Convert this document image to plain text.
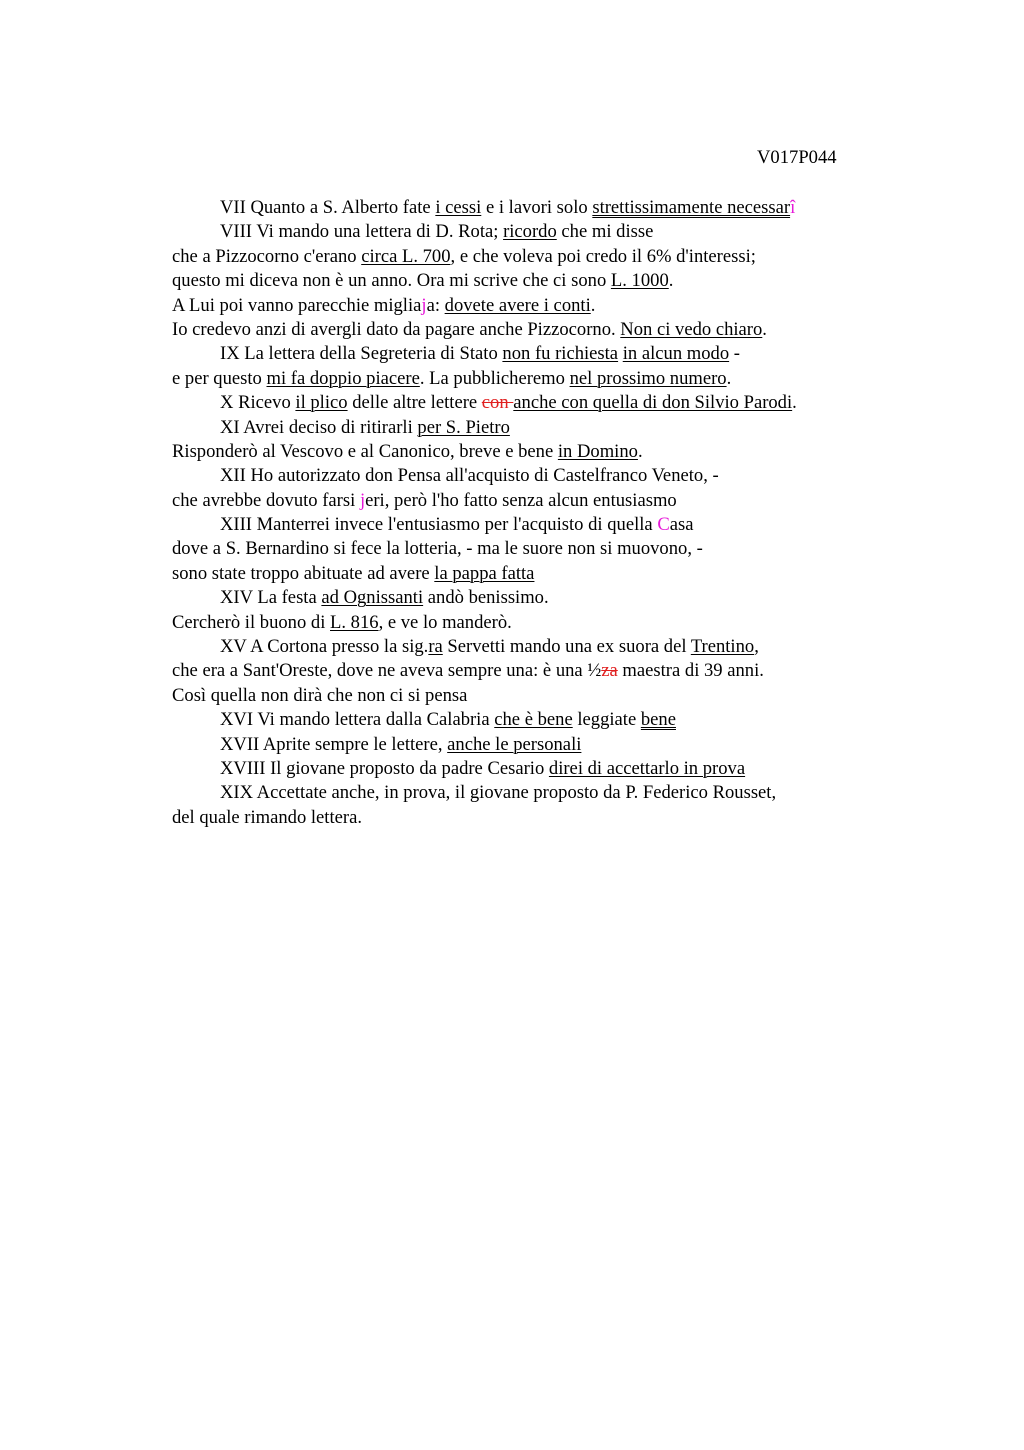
V017P044

VII Quanto a S. Alberto fate i cessi e i lavori solo strettissimamente necessarî

VIII Vi mando una lettera di D. Rota; ricordo che mi disse

che a Pizzocorno c'erano circa L. 700, e che voleva poi credo il 6% d'interessi;

questo mi diceva non è un anno. Ora mi scrive che ci sono L. 1000.

A Lui poi vanno parecchie migliaja: dovete avere i conti.

Io credevo anzi di avergli dato da pagare anche Pizzocorno. Non ci vedo chiaro.

IX La lettera della Segreteria di Stato non fu richiesta in alcun modo -

e per questo mi fa doppio piacere. La pubblicheremo nel prossimo numero.

X Ricevo il plico delle altre lettere con anche con quella di don Silvio Parodi.

XI Avrei deciso di ritirarli per S. Pietro

Risponderò al Vescovo e al Canonico, breve e bene in Domino.

XII Ho autorizzato don Pensa all'acquisto di Castelfranco Veneto, -

che avrebbe dovuto farsi jeri, però l'ho fatto senza alcun entusiasmo

XIII Manterrei invece l'entusiasmo per l'acquisto di quella Casa

dove a S. Bernardino si fece la lotteria, - ma le suore non si muovono, -

sono state troppo abituate ad avere la pappa fatta

XIV La festa ad Ognissanti andò benissimo.

Cercherò il buono di L. 816, e ve lo manderò.

XV A Cortona presso la sig.ra Servetti mando una ex suora del Trentino,

che era a Sant'Oreste, dove ne aveva sempre una: è una ½za maestra di 39 anni.

Così quella non dirà che non ci si pensa

XVI Vi mando lettera dalla Calabria che è bene leggiate bene

XVII Aprite sempre le lettere, anche le personali

XVIII Il giovane proposto da padre Cesario direi di accettarlo in prova

XIX Accettate anche, in prova, il giovane proposto da P. Federico Rousset,

del quale rimando lettera.
